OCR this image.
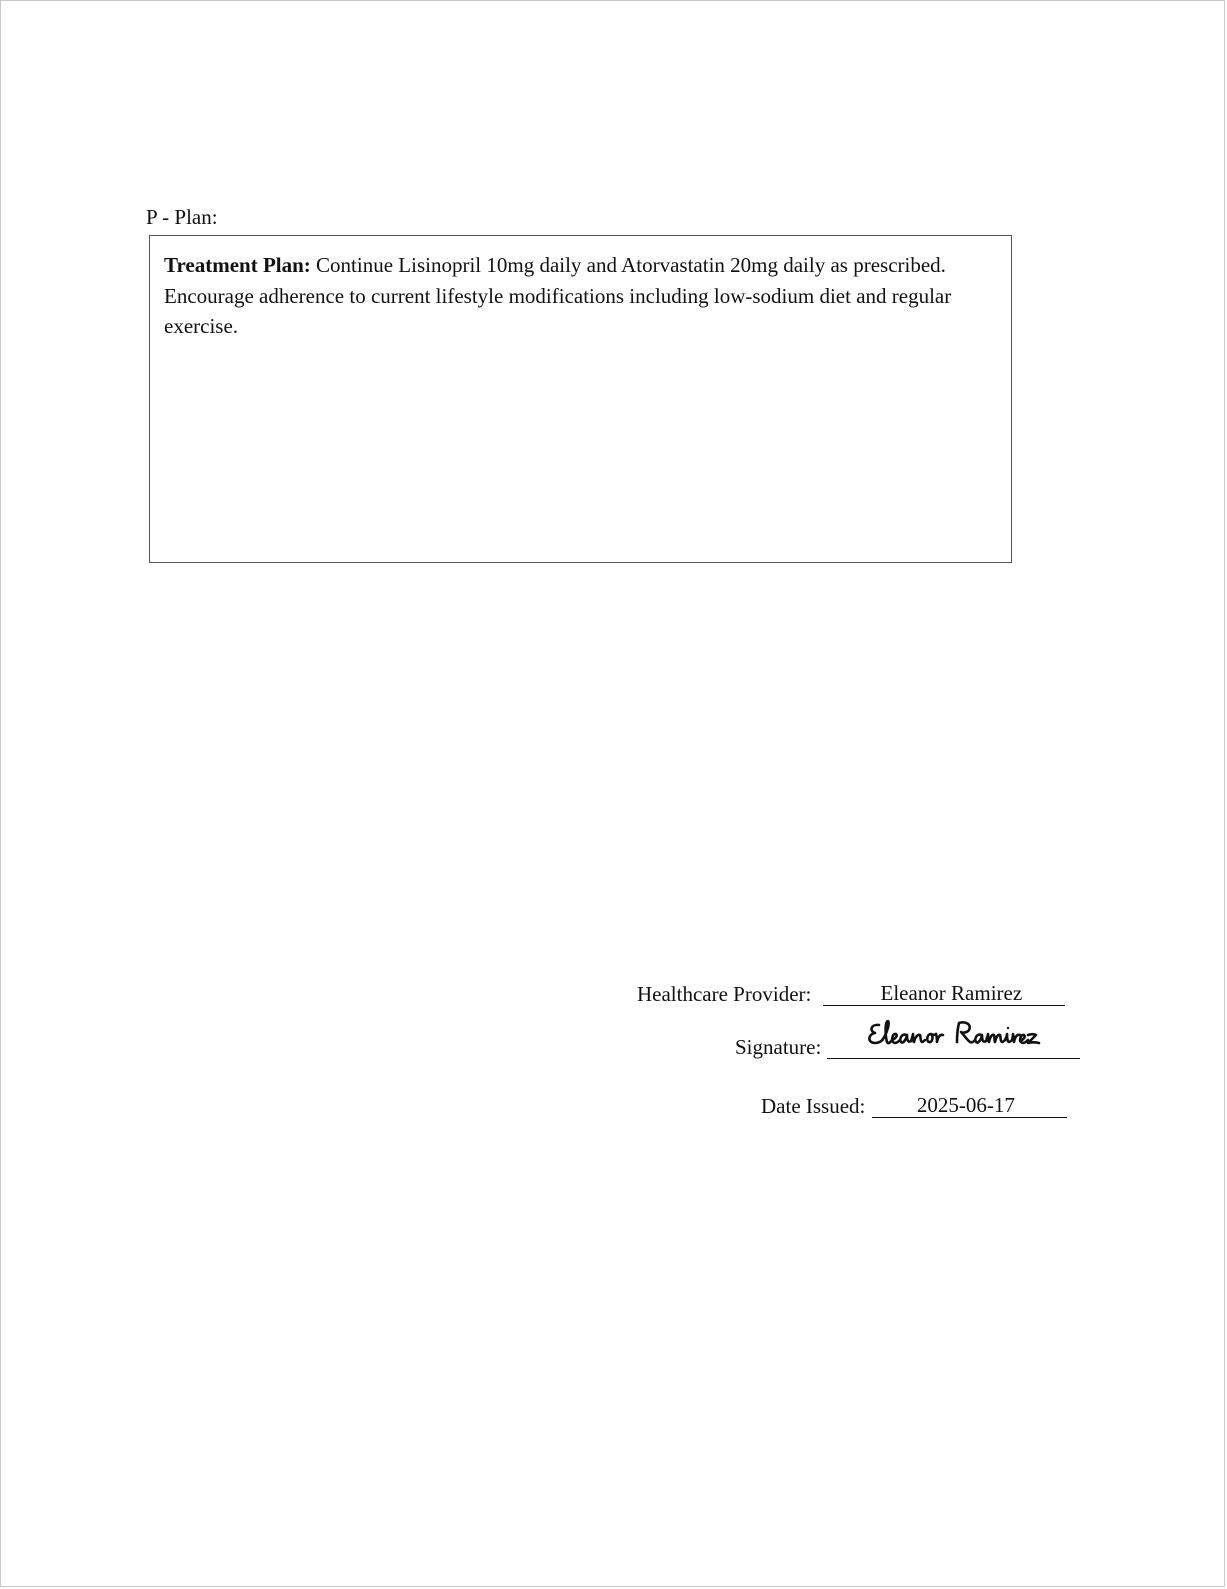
P - Plan:
Treatment Plan: Continue Lisinopril 10mg daily and Atorvastatin 20mg daily as prescribed. Encourage adherence to current lifestyle modifications including low-sodium diet and regular exercise.
Healthcare Provider:	Eleanor Ramirez
Signature:
Date Issued:	2025-06-17
